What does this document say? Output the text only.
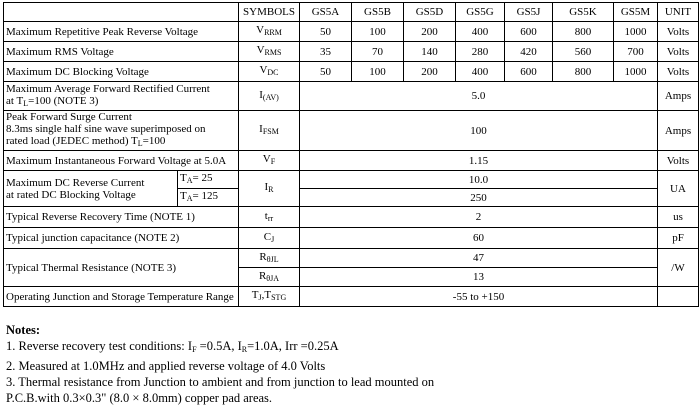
		SYMBOLS	GS5A	GS5B	GS5D	GS5G	GS5J	GS5K	GS5M	UNIT
Maximum Repetitive Peak Reverse Voltage		$V_{RRM}$	50	100	200	400	600	800	1000	Volts
Maximum RMS Voltage		$V_{RMS}$	35	70	140	280	420	560	700	Volts
Maximum DC Blocking Voltage		$V_{DC}$	50	100	200	400	600	800	1000	Volts
Maximum Average Forward Rectified Current
at $T_L=100$ (NOTE 3)		$I_{(AV)}$	5.0							Amps
Peak Forward Surge Current
8.3ms single half sine wave superimposed on
rated load (JEDEC method) $T_L=100$		$I_{FSM}$	100							Amps
Maximum Instantaneous Forward Voltage at 5.0A		$V_F$	1.15							Volts
Maximum DC Reverse Current
at rated DC Blocking Voltage	$T_A= 25$	$I_R$	10.0							UA
	$T_A= 125$		250							
Typical Reverse Recovery Time (NOTE 1)		$t_{rr}$	2							us
Typical junction capacitance (NOTE 2)		$C_J$	60							pF
Typical Thermal Resistance (NOTE 3)		$R_{\theta JL}$	47							/W
		$R_{\theta JA}$	13							
Operating Junction and Storage Temperature Range		$T_J,T_{STG}$	-55 to +150							
Notes:
1. Reverse recovery test conditions: $I_F =0.5A$, $I_R=1.0A$, Irr =0.25A
2. Measured at 1.0MHz and applied reverse voltage of 4.0 Volts
3. Thermal resistance from Junction to ambient and from junction to lead mounted on
P.C.B.with 0.3×0.3" (8.0 × 8.0mm) copper pad areas.
